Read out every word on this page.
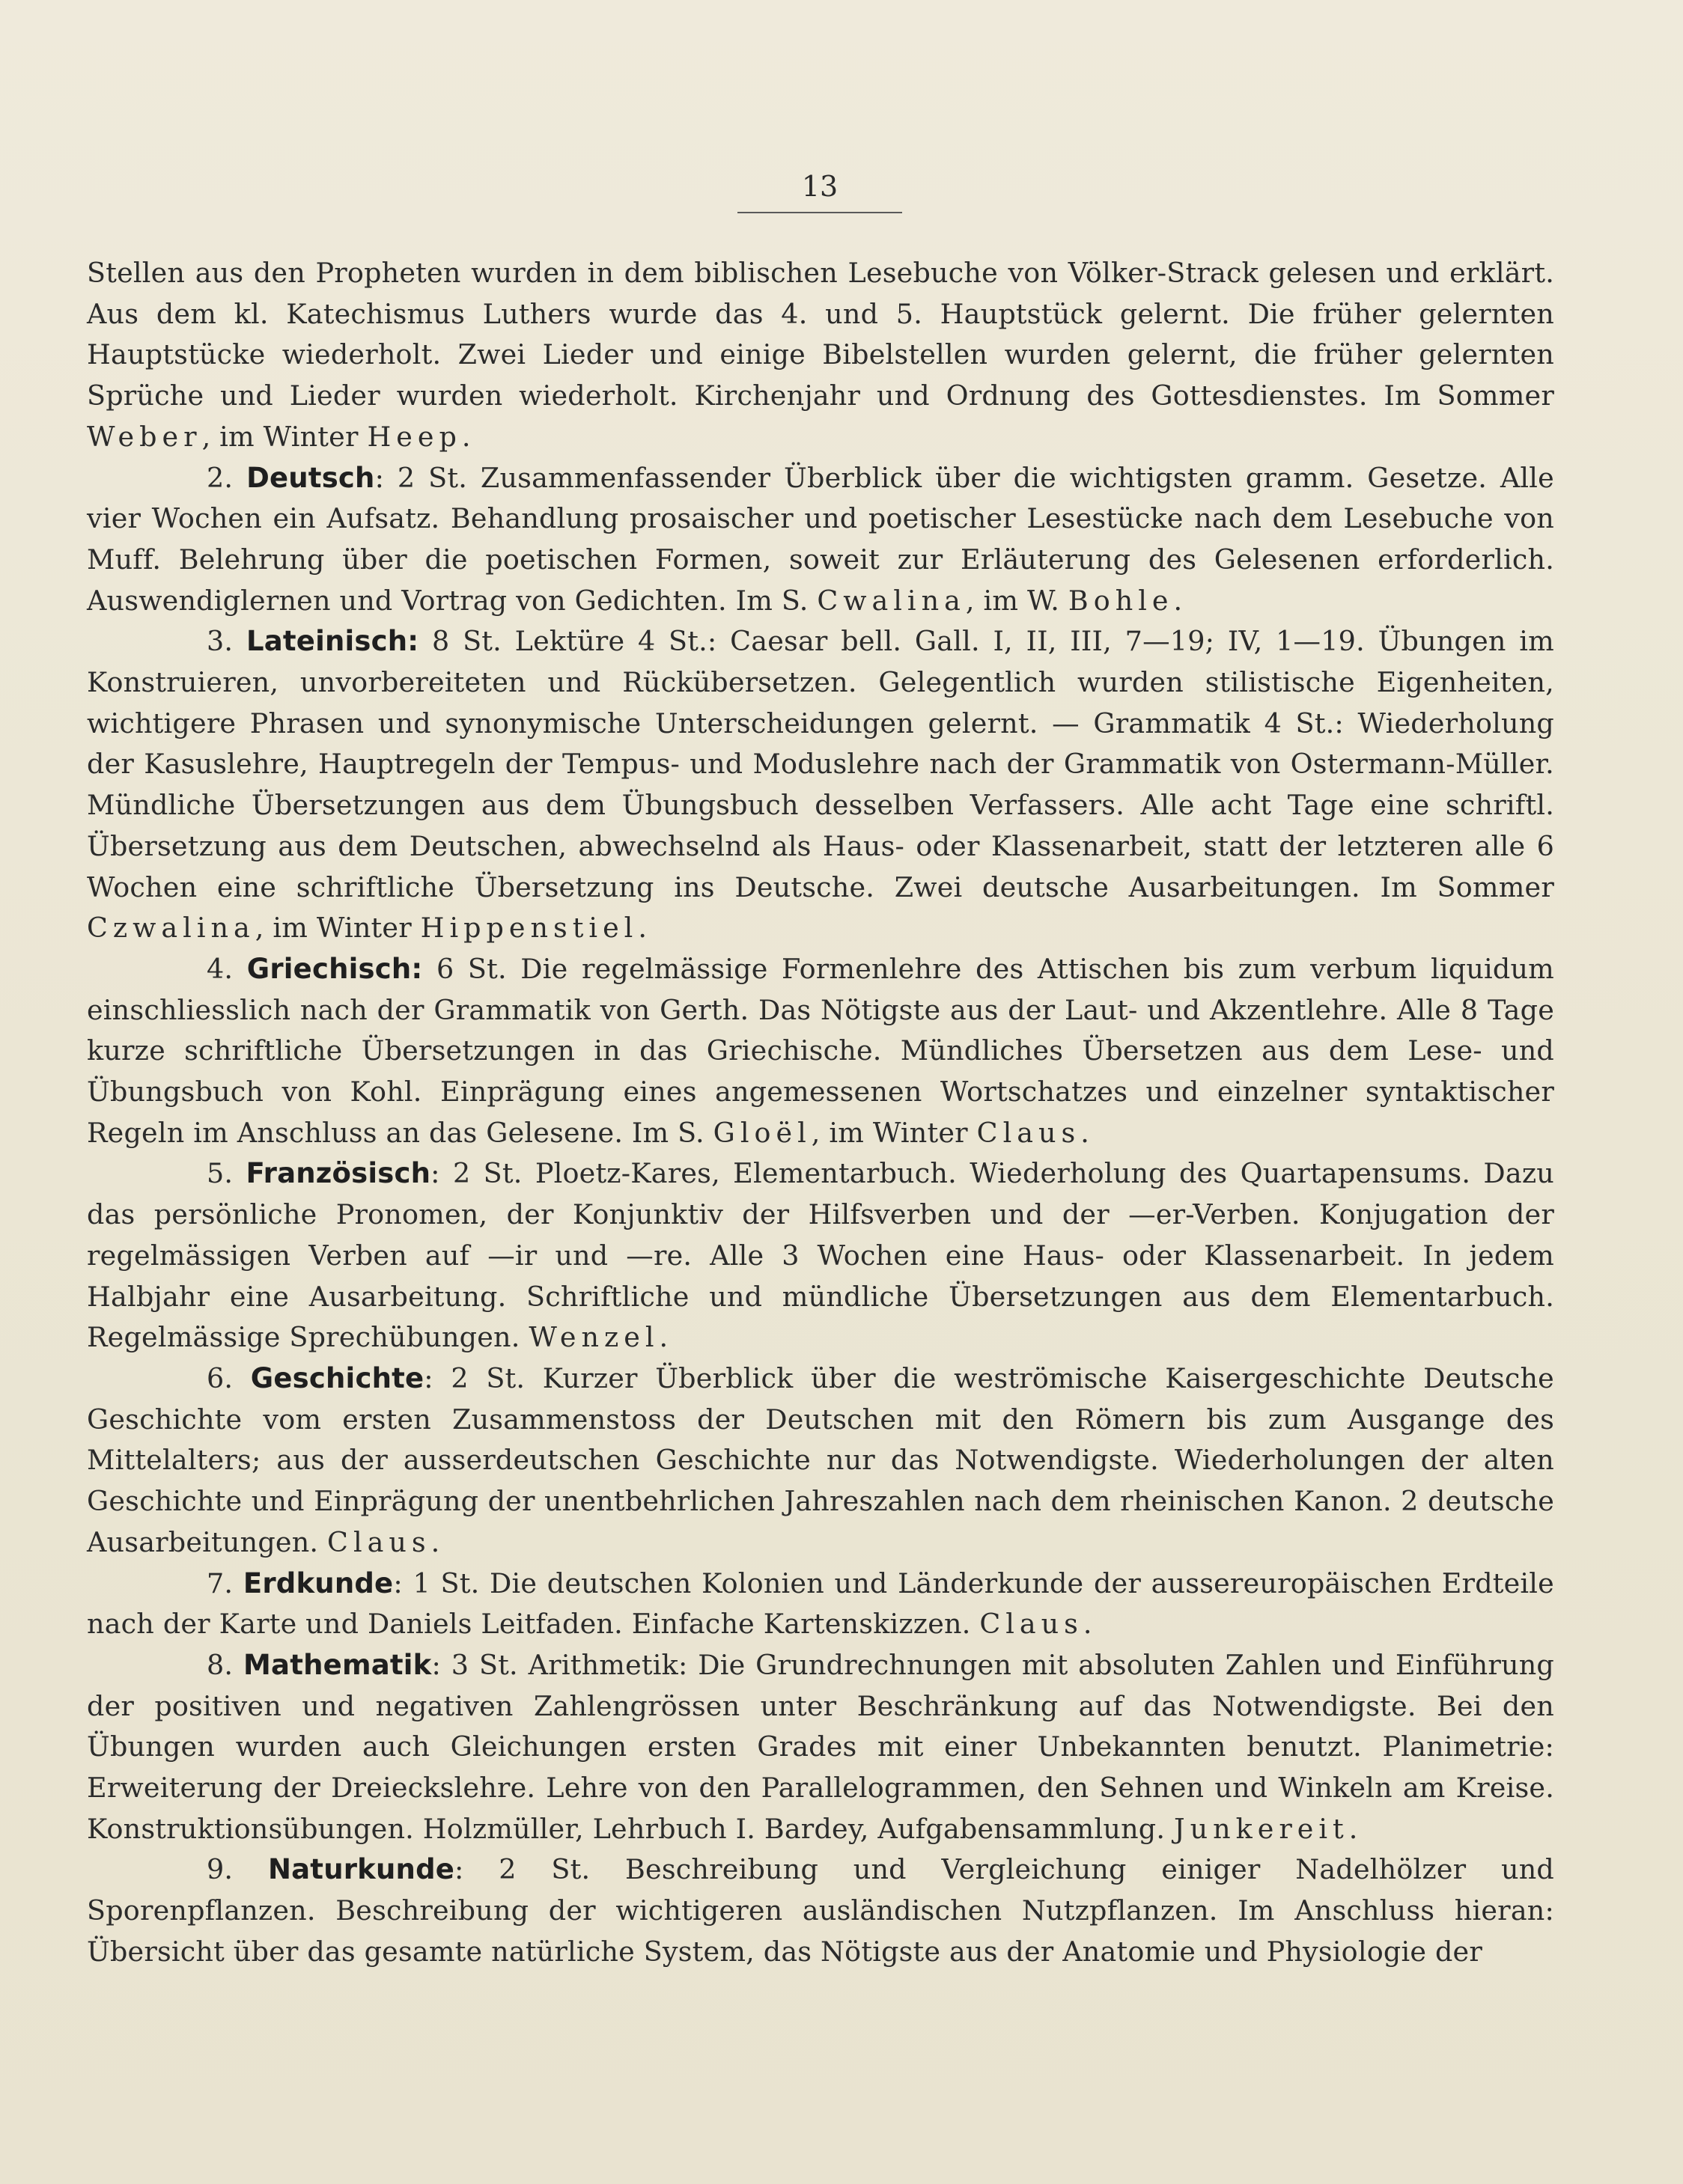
13

Stellen aus den Propheten wurden in dem biblischen Lesebuche von Völker-Strack gelesen und erklärt. Aus dem kl. Katechismus Luthers wurde das 4. und 5. Hauptstück gelernt. Die früher gelernten Hauptstücke wiederholt. Zwei Lieder und einige Bibelstellen wurden gelernt, die früher gelernten Sprüche und Lieder wurden wiederholt. Kirchenjahr und Ordnung des Gottesdienstes. Im Sommer Weber, im Winter Heep.

2. Deutsch: 2 St. Zusammenfassender Überblick über die wichtigsten gramm. Gesetze. Alle vier Wochen ein Aufsatz. Behandlung prosaischer und poetischer Lesestücke nach dem Lesebuche von Muff. Belehrung über die poetischen Formen, soweit zur Erläuterung des Gelesenen erforderlich. Auswendiglernen und Vortrag von Gedichten. Im S. Cwalina, im W. Bohle.

3. Lateinisch: 8 St. Lektüre 4 St.: Caesar bell. Gall. I, II, III, 7—19; IV, 1—19. Übungen im Konstruieren, unvorbereiteten und Rückübersetzen. Gelegentlich wurden stilistische Eigenheiten, wichtigere Phrasen und synonymische Unterscheidungen gelernt. — Grammatik 4 St.: Wiederholung der Kasuslehre, Hauptregeln der Tempus- und Moduslehre nach der Grammatik von Ostermann-Müller. Mündliche Übersetzungen aus dem Übungsbuch desselben Verfassers. Alle acht Tage eine schriftl. Übersetzung aus dem Deutschen, abwechselnd als Haus- oder Klassenarbeit, statt der letzteren alle 6 Wochen eine schriftliche Übersetzung ins Deutsche. Zwei deutsche Ausarbeitungen. Im Sommer Czwalina, im Winter Hippenstiel.

4. Griechisch: 6 St. Die regelmässige Formenlehre des Attischen bis zum verbum liquidum einschliesslich nach der Grammatik von Gerth. Das Nötigste aus der Laut- und Akzentlehre. Alle 8 Tage kurze schriftliche Übersetzungen in das Griechische. Mündliches Übersetzen aus dem Lese- und Übungsbuch von Kohl. Einprägung eines angemessenen Wortschatzes und einzelner syntaktischer Regeln im Anschluss an das Gelesene. Im S. Gloël, im Winter Claus.

5. Französisch: 2 St. Ploetz-Kares, Elementarbuch. Wiederholung des Quartapensums. Dazu das persönliche Pronomen, der Konjunktiv der Hilfsverben und der —er-Verben. Konjugation der regelmässigen Verben auf —ir und —re. Alle 3 Wochen eine Haus- oder Klassenarbeit. In jedem Halbjahr eine Ausarbeitung. Schriftliche und mündliche Übersetzungen aus dem Elementarbuch. Regelmässige Sprechübungen. Wenzel.

6. Geschichte: 2 St. Kurzer Überblick über die weströmische Kaisergeschichte Deutsche Geschichte vom ersten Zusammenstoss der Deutschen mit den Römern bis zum Ausgange des Mittelalters; aus der ausserdeutschen Geschichte nur das Notwendigste. Wiederholungen der alten Geschichte und Einprägung der unentbehrlichen Jahreszahlen nach dem rheinischen Kanon. 2 deutsche Ausarbeitungen. Claus.

7. Erdkunde: 1 St. Die deutschen Kolonien und Länderkunde der aussereuropäischen Erdteile nach der Karte und Daniels Leitfaden. Einfache Kartenskizzen. Claus.

8. Mathematik: 3 St. Arithmetik: Die Grundrechnungen mit absoluten Zahlen und Einführung der positiven und negativen Zahlengrössen unter Beschränkung auf das Notwendigste. Bei den Übungen wurden auch Gleichungen ersten Grades mit einer Unbekannten benutzt. Planimetrie: Erweiterung der Dreieckslehre. Lehre von den Parallelogrammen, den Sehnen und Winkeln am Kreise. Konstruktionsübungen. Holzmüller, Lehrbuch I. Bardey, Aufgabensammlung. Junkereit.

9. Naturkunde: 2 St. Beschreibung und Vergleichung einiger Nadelhölzer und Sporenpflanzen. Beschreibung der wichtigeren ausländischen Nutzpflanzen. Im Anschluss hieran: Übersicht über das gesamte natürliche System, das Nötigste aus der Anatomie und Physiologie der
